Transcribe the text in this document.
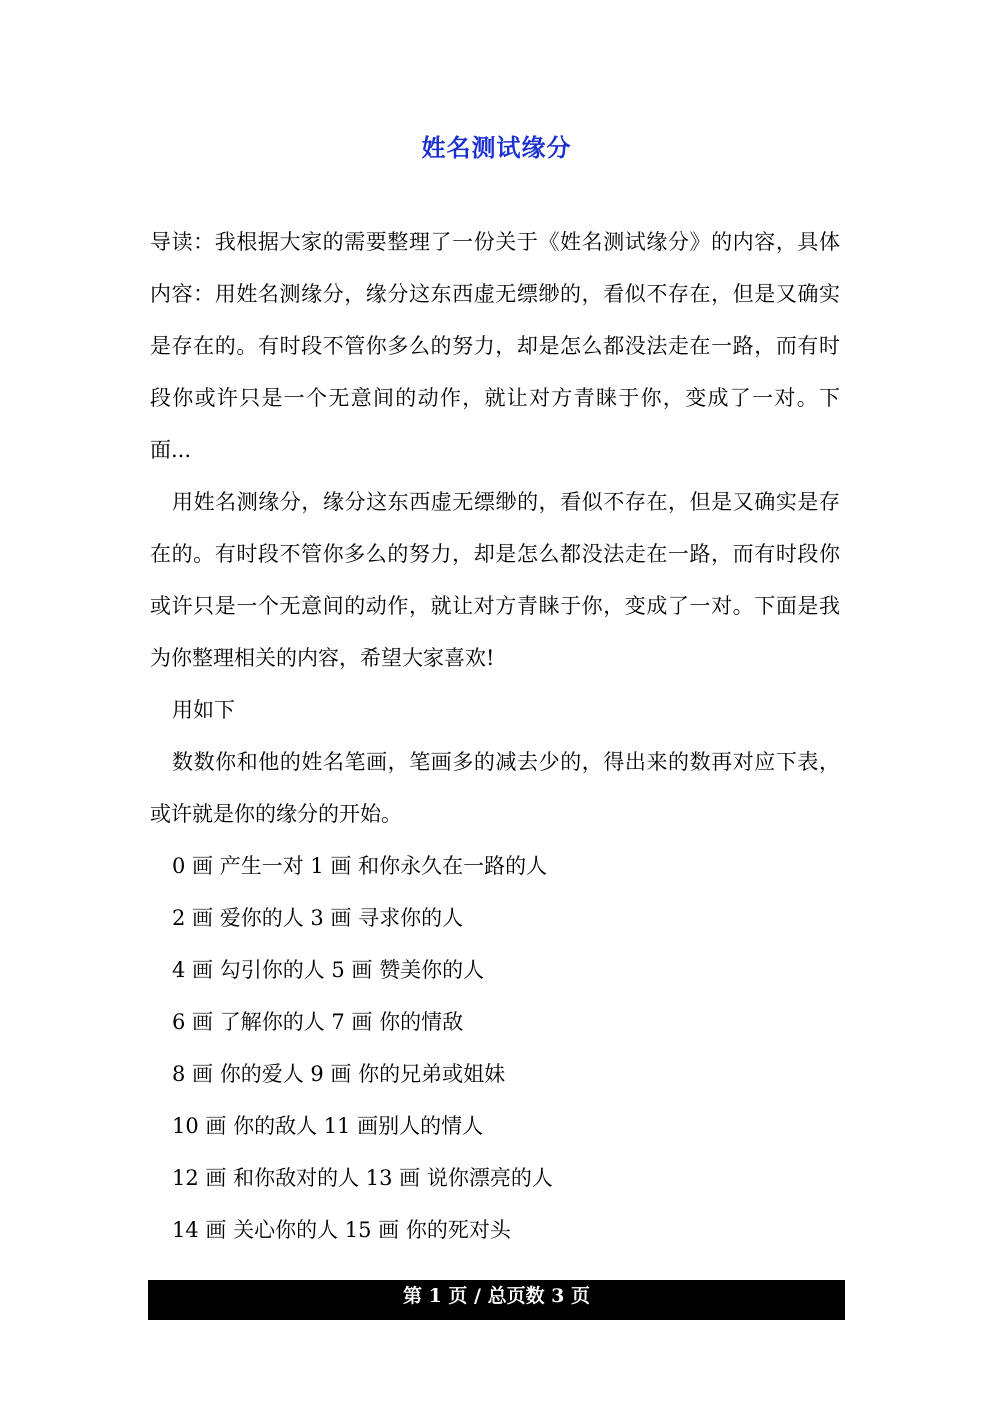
姓名测试缘分

导读：我根据大家的需要整理了一份关于《姓名测试缘分》的内容，具体内容：用姓名测缘分，缘分这东西虚无缥缈的，看似不存在，但是又确实是存在的。有时段不管你多么的努力，却是怎么都没法走在一路，而有时段你或许只是一个无意间的动作，就让对方青睐于你，变成了一对。下面...

用姓名测缘分，缘分这东西虚无缥缈的，看似不存在，但是又确实是存在的。有时段不管你多么的努力，却是怎么都没法走在一路，而有时段你或许只是一个无意间的动作，就让对方青睐于你，变成了一对。下面是我为你整理相关的内容，希望大家喜欢!

用如下

数数你和他的姓名笔画，笔画多的减去少的，得出来的数再对应下表，或许就是你的缘分的开始。

0 画 产生一对 1 画 和你永久在一路的人

2 画 爱你的人 3 画 寻求你的人

4 画 勾引你的人 5 画 赞美你的人

6 画 了解你的人 7 画 你的情敌

8 画 你的爱人 9 画 你的兄弟或姐妹

10 画 你的敌人 11 画别人的情人

12 画 和你敌对的人 13 画 说你漂亮的人

14 画 关心你的人 15 画 你的死对头

第 1 页 / 总页数 3 页
